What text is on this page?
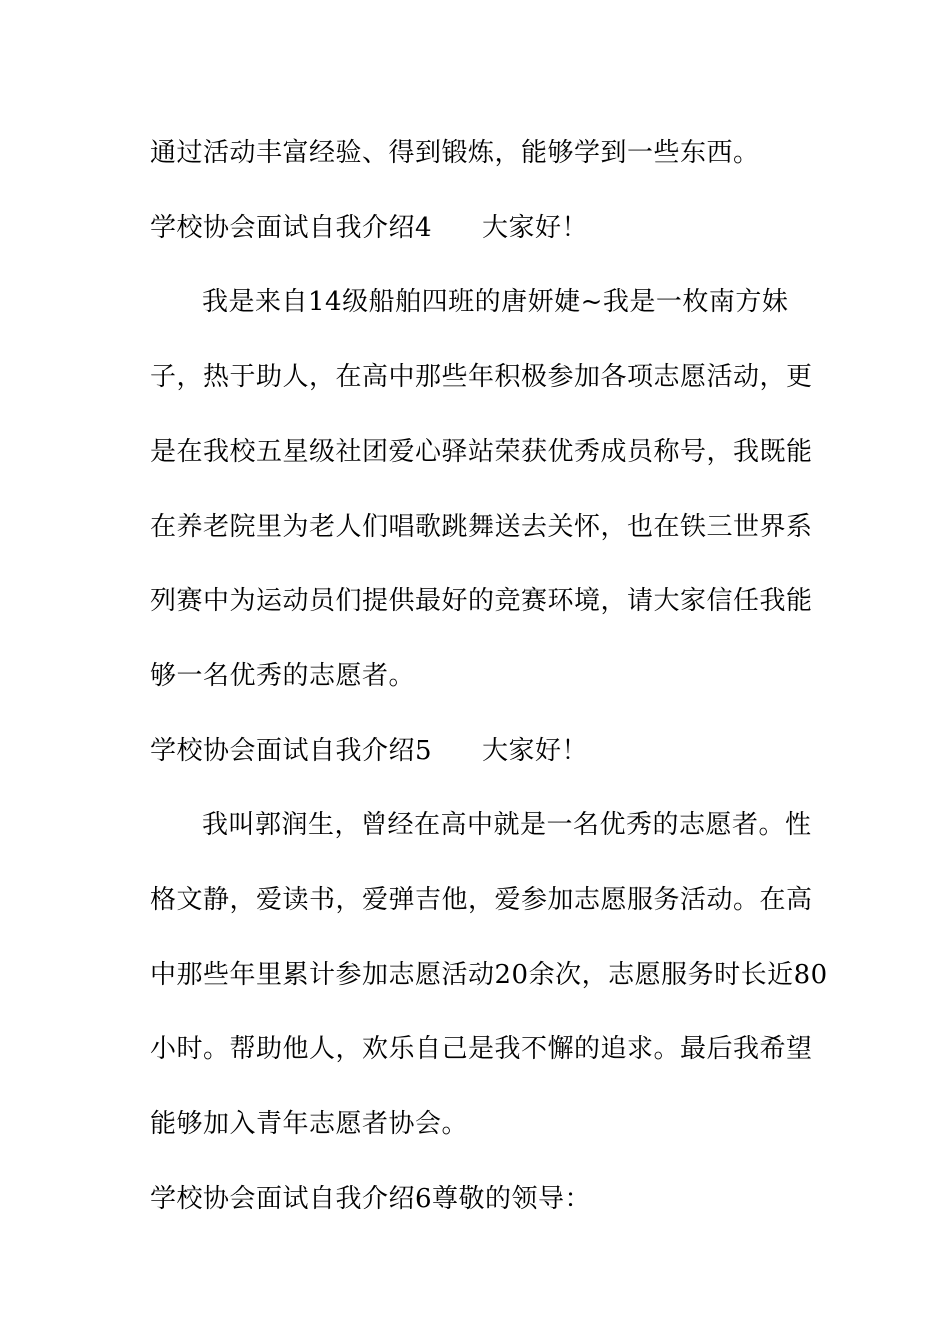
通过活动丰富经验、得到锻炼，能够学到一些东西。
学校协会面试自我介绍4 大家好！
我是来自14级船舶四班的唐妍婕~我是一枚南方妹
子，热于助人，在高中那些年积极参加各项志愿活动，更
是在我校五星级社团爱心驿站荣获优秀成员称号，我既能
在养老院里为老人们唱歌跳舞送去关怀，也在铁三世界系
列赛中为运动员们提供最好的竞赛环境，请大家信任我能
够一名优秀的志愿者。
学校协会面试自我介绍5 大家好！
我叫郭润生，曾经在高中就是一名优秀的志愿者。性
格文静，爱读书，爱弹吉他，爱参加志愿服务活动。在高
中那些年里累计参加志愿活动20余次，志愿服务时长近80
小时。帮助他人，欢乐自己是我不懈的追求。最后我希望
能够加入青年志愿者协会。
学校协会面试自我介绍6尊敬的领导：
